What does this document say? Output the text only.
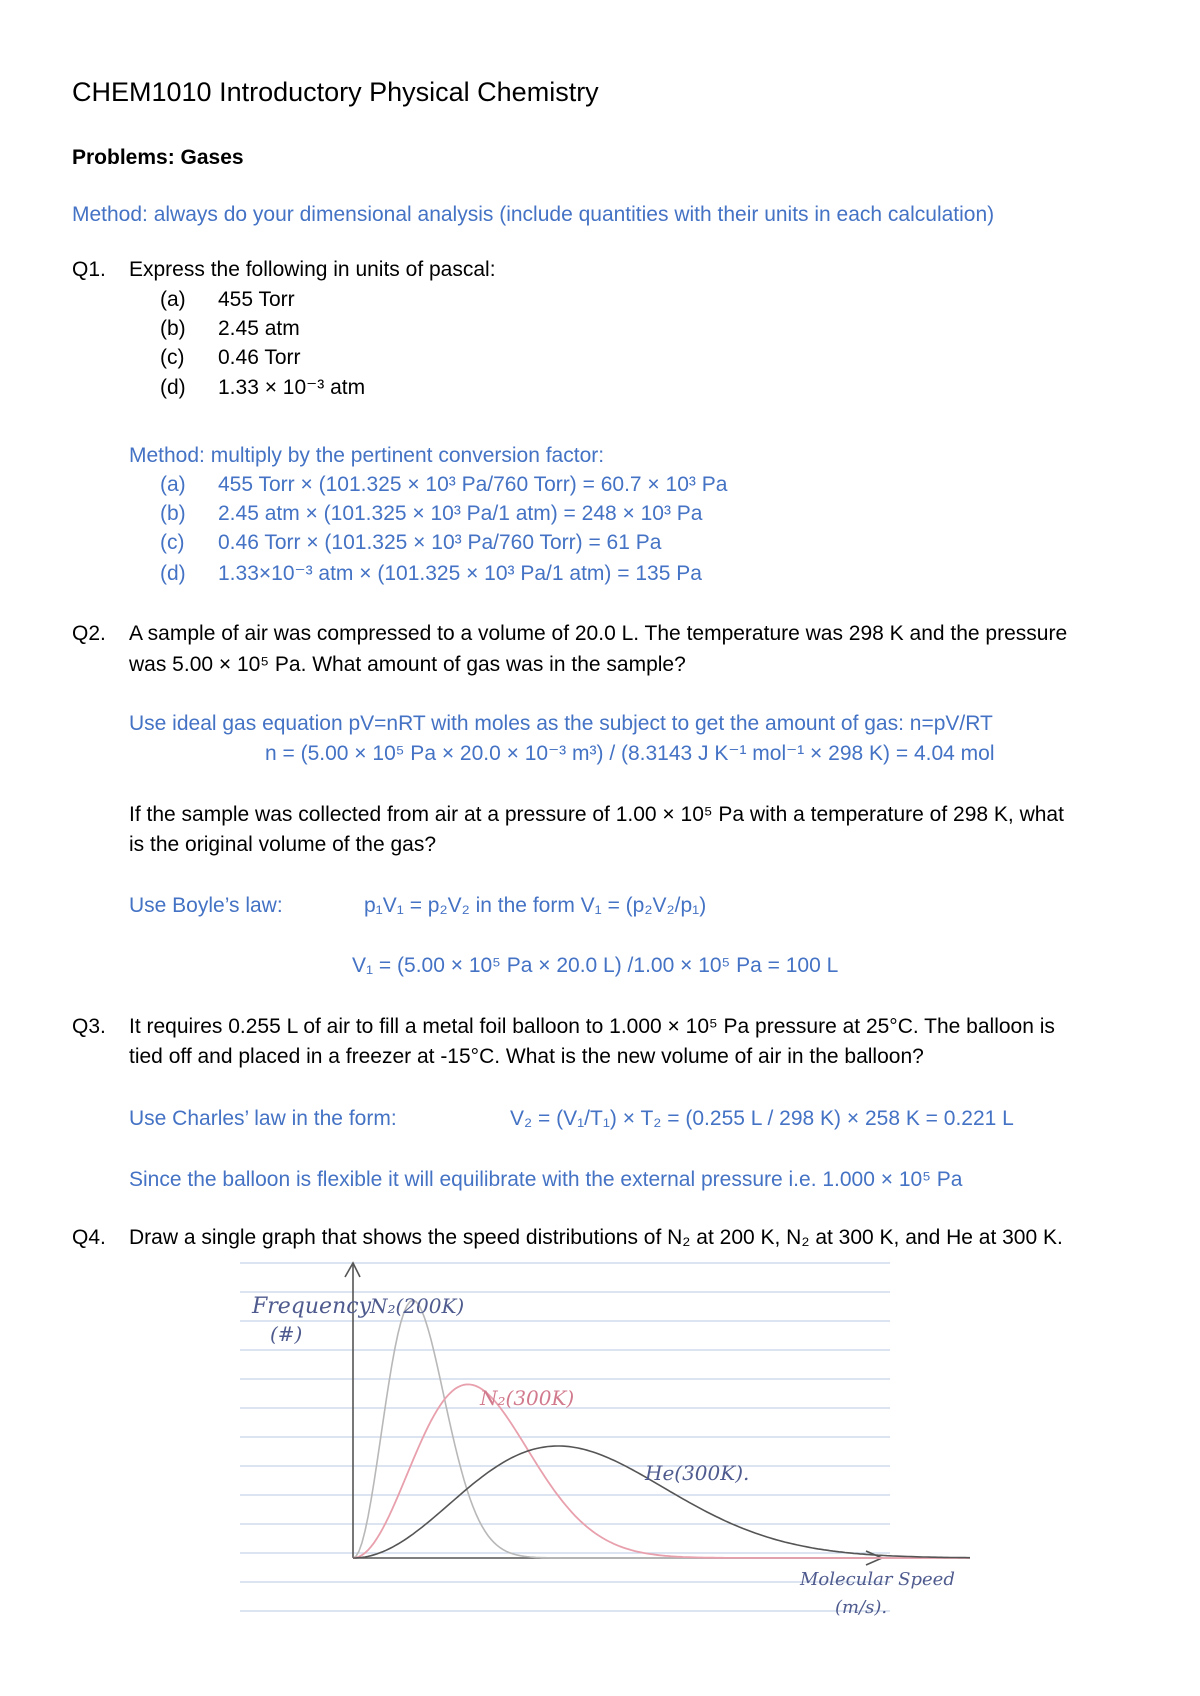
CHEM1010 Introductory Physical Chemistry
Problems: Gases
Method: always do your dimensional analysis (include quantities with their units in each calculation)
Q1. Express the following in units of pascal:
(a) 455 Torr
(b) 2.45 atm
(c) 0.46 Torr
(d) 1.33 × 10⁻³ atm
Method: multiply by the pertinent conversion factor:
(a) 455 Torr × (101.325 × 10³ Pa/760 Torr) = 60.7 × 10³ Pa
(b) 2.45 atm × (101.325 × 10³ Pa/1 atm) = 248 × 10³ Pa
(c) 0.46 Torr × (101.325 × 10³ Pa/760 Torr) = 61 Pa
(d) 1.33×10⁻³ atm × (101.325 × 10³ Pa/1 atm) = 135 Pa
Q2. A sample of air was compressed to a volume of 20.0 L. The temperature was 298 K and the pressure
was 5.00 × 10⁵ Pa. What amount of gas was in the sample?
Use ideal gas equation pV=nRT with moles as the subject to get the amount of gas: n=pV/RT
n = (5.00 × 10⁵ Pa × 20.0 × 10⁻³ m³) / (8.3143 J K⁻¹ mol⁻¹ × 298 K) = 4.04 mol
If the sample was collected from air at a pressure of 1.00 × 10⁵ Pa with a temperature of 298 K, what
is the original volume of the gas?
Use Boyle’s law:	p₁V₁ = p₂V₂ in the form V₁ = (p₂V₂/p₁)
V₁ = (5.00 × 10⁵ Pa × 20.0 L) /1.00 × 10⁵ Pa = 100 L
Q3. It requires 0.255 L of air to fill a metal foil balloon to 1.000 × 10⁵ Pa pressure at 25°C. The balloon is
tied off and placed in a freezer at -15°C. What is the new volume of air in the balloon?
Use Charles’ law in the form:	V₂ = (V₁/T₁) × T₂ = (0.255 L / 298 K) × 258 K = 0.221 L
Since the balloon is flexible it will equilibrate with the external pressure i.e. 1.000 × 10⁵ Pa
Q4. Draw a single graph that shows the speed distributions of N₂ at 200 K, N₂ at 300 K, and He at 300 K.
Frequency
(#)
N₂(200K)
N₂(300K)
He(300K).
Molecular Speed
(m/s).
